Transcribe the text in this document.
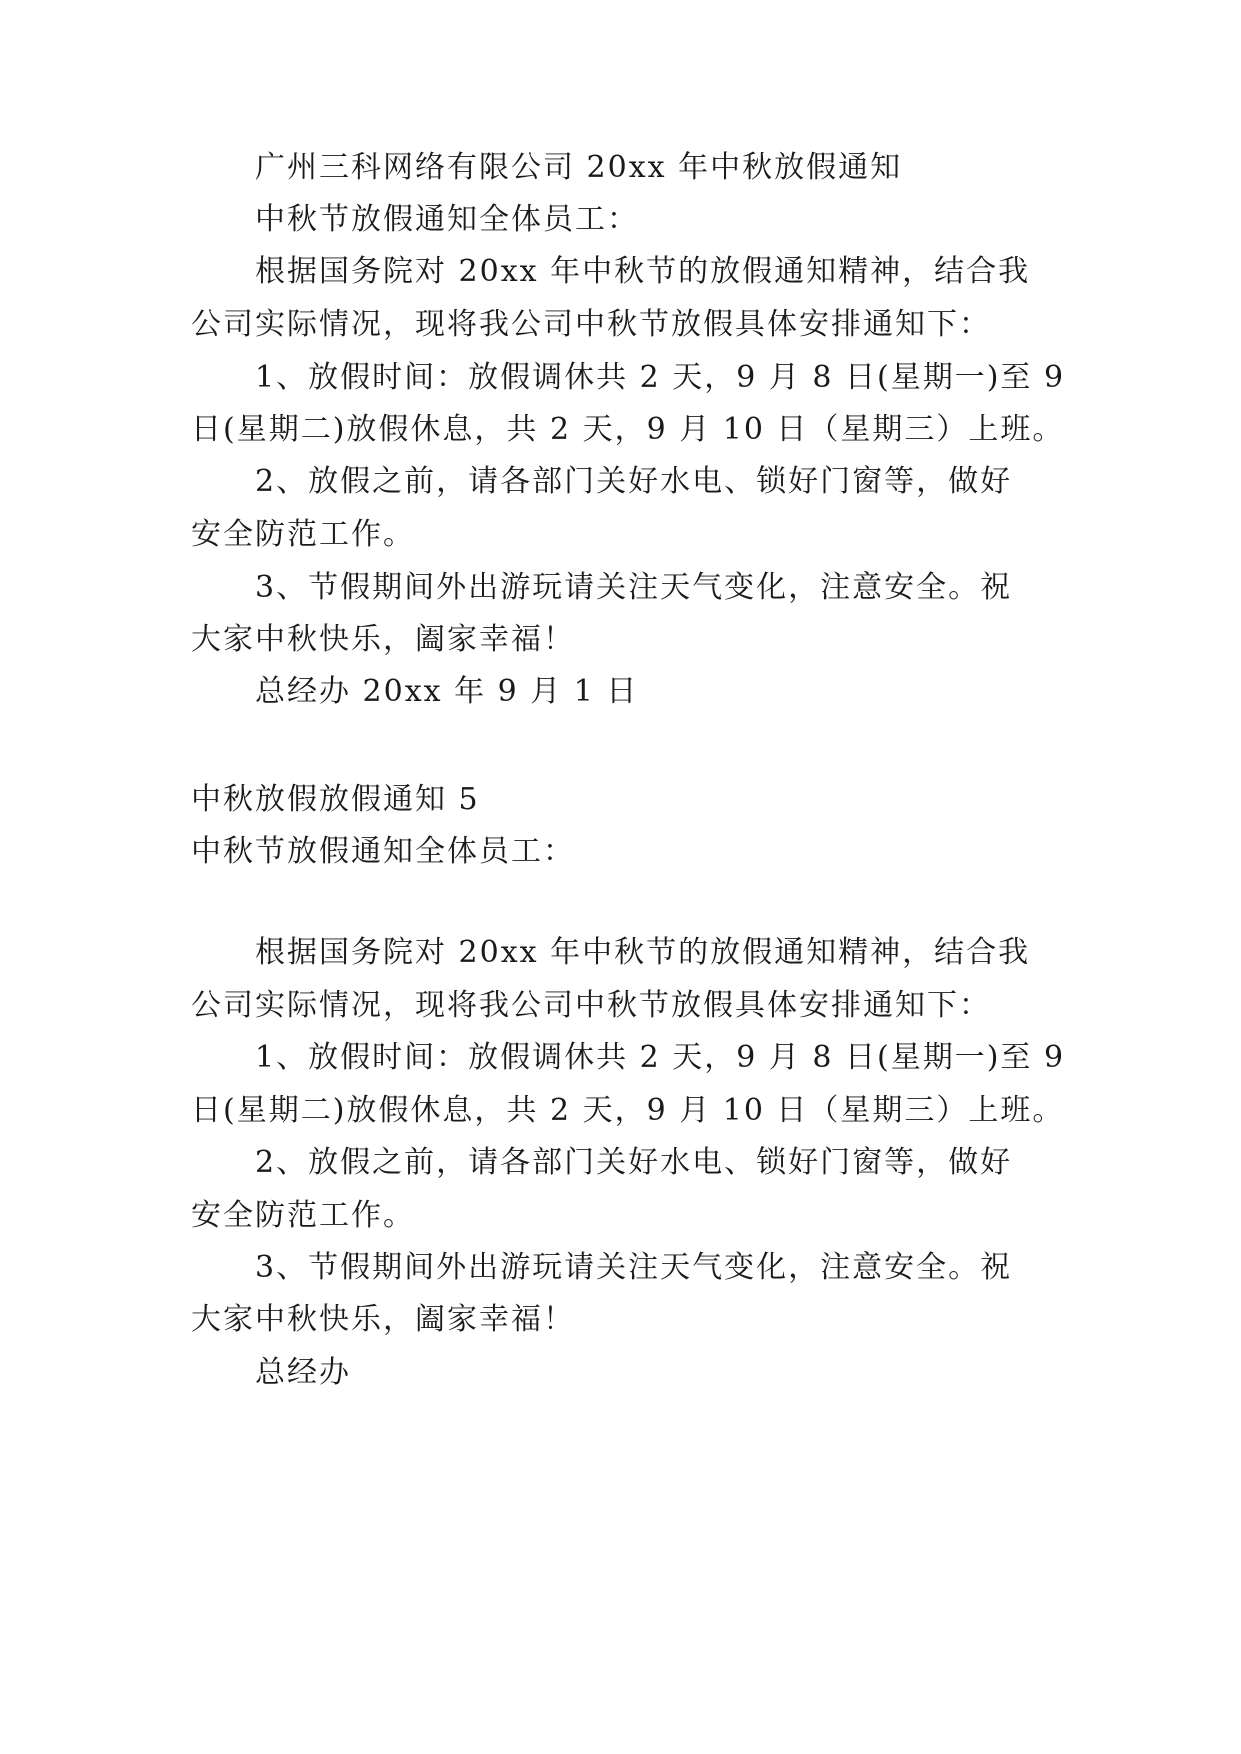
广州三科网络有限公司 20xx 年中秋放假通知
中秋节放假通知全体员工：
根据国务院对 20xx 年中秋节的放假通知精神，结合我
公司实际情况，现将我公司中秋节放假具体安排通知下：
1、放假时间：放假调休共 2 天，9 月 8 日(星期一)至 9
日(星期二)放假休息，共 2 天，9 月 10 日（星期三）上班。
2、放假之前，请各部门关好水电、锁好门窗等，做好
安全防范工作。
3、节假期间外出游玩请关注天气变化，注意安全。祝
大家中秋快乐，阖家幸福！
总经办 20xx 年 9 月 1 日
中秋放假放假通知 5
中秋节放假通知全体员工：
根据国务院对 20xx 年中秋节的放假通知精神，结合我
公司实际情况，现将我公司中秋节放假具体安排通知下：
1、放假时间：放假调休共 2 天，9 月 8 日(星期一)至 9
日(星期二)放假休息，共 2 天，9 月 10 日（星期三）上班。
2、放假之前，请各部门关好水电、锁好门窗等，做好
安全防范工作。
3、节假期间外出游玩请关注天气变化，注意安全。祝
大家中秋快乐，阖家幸福！
总经办
